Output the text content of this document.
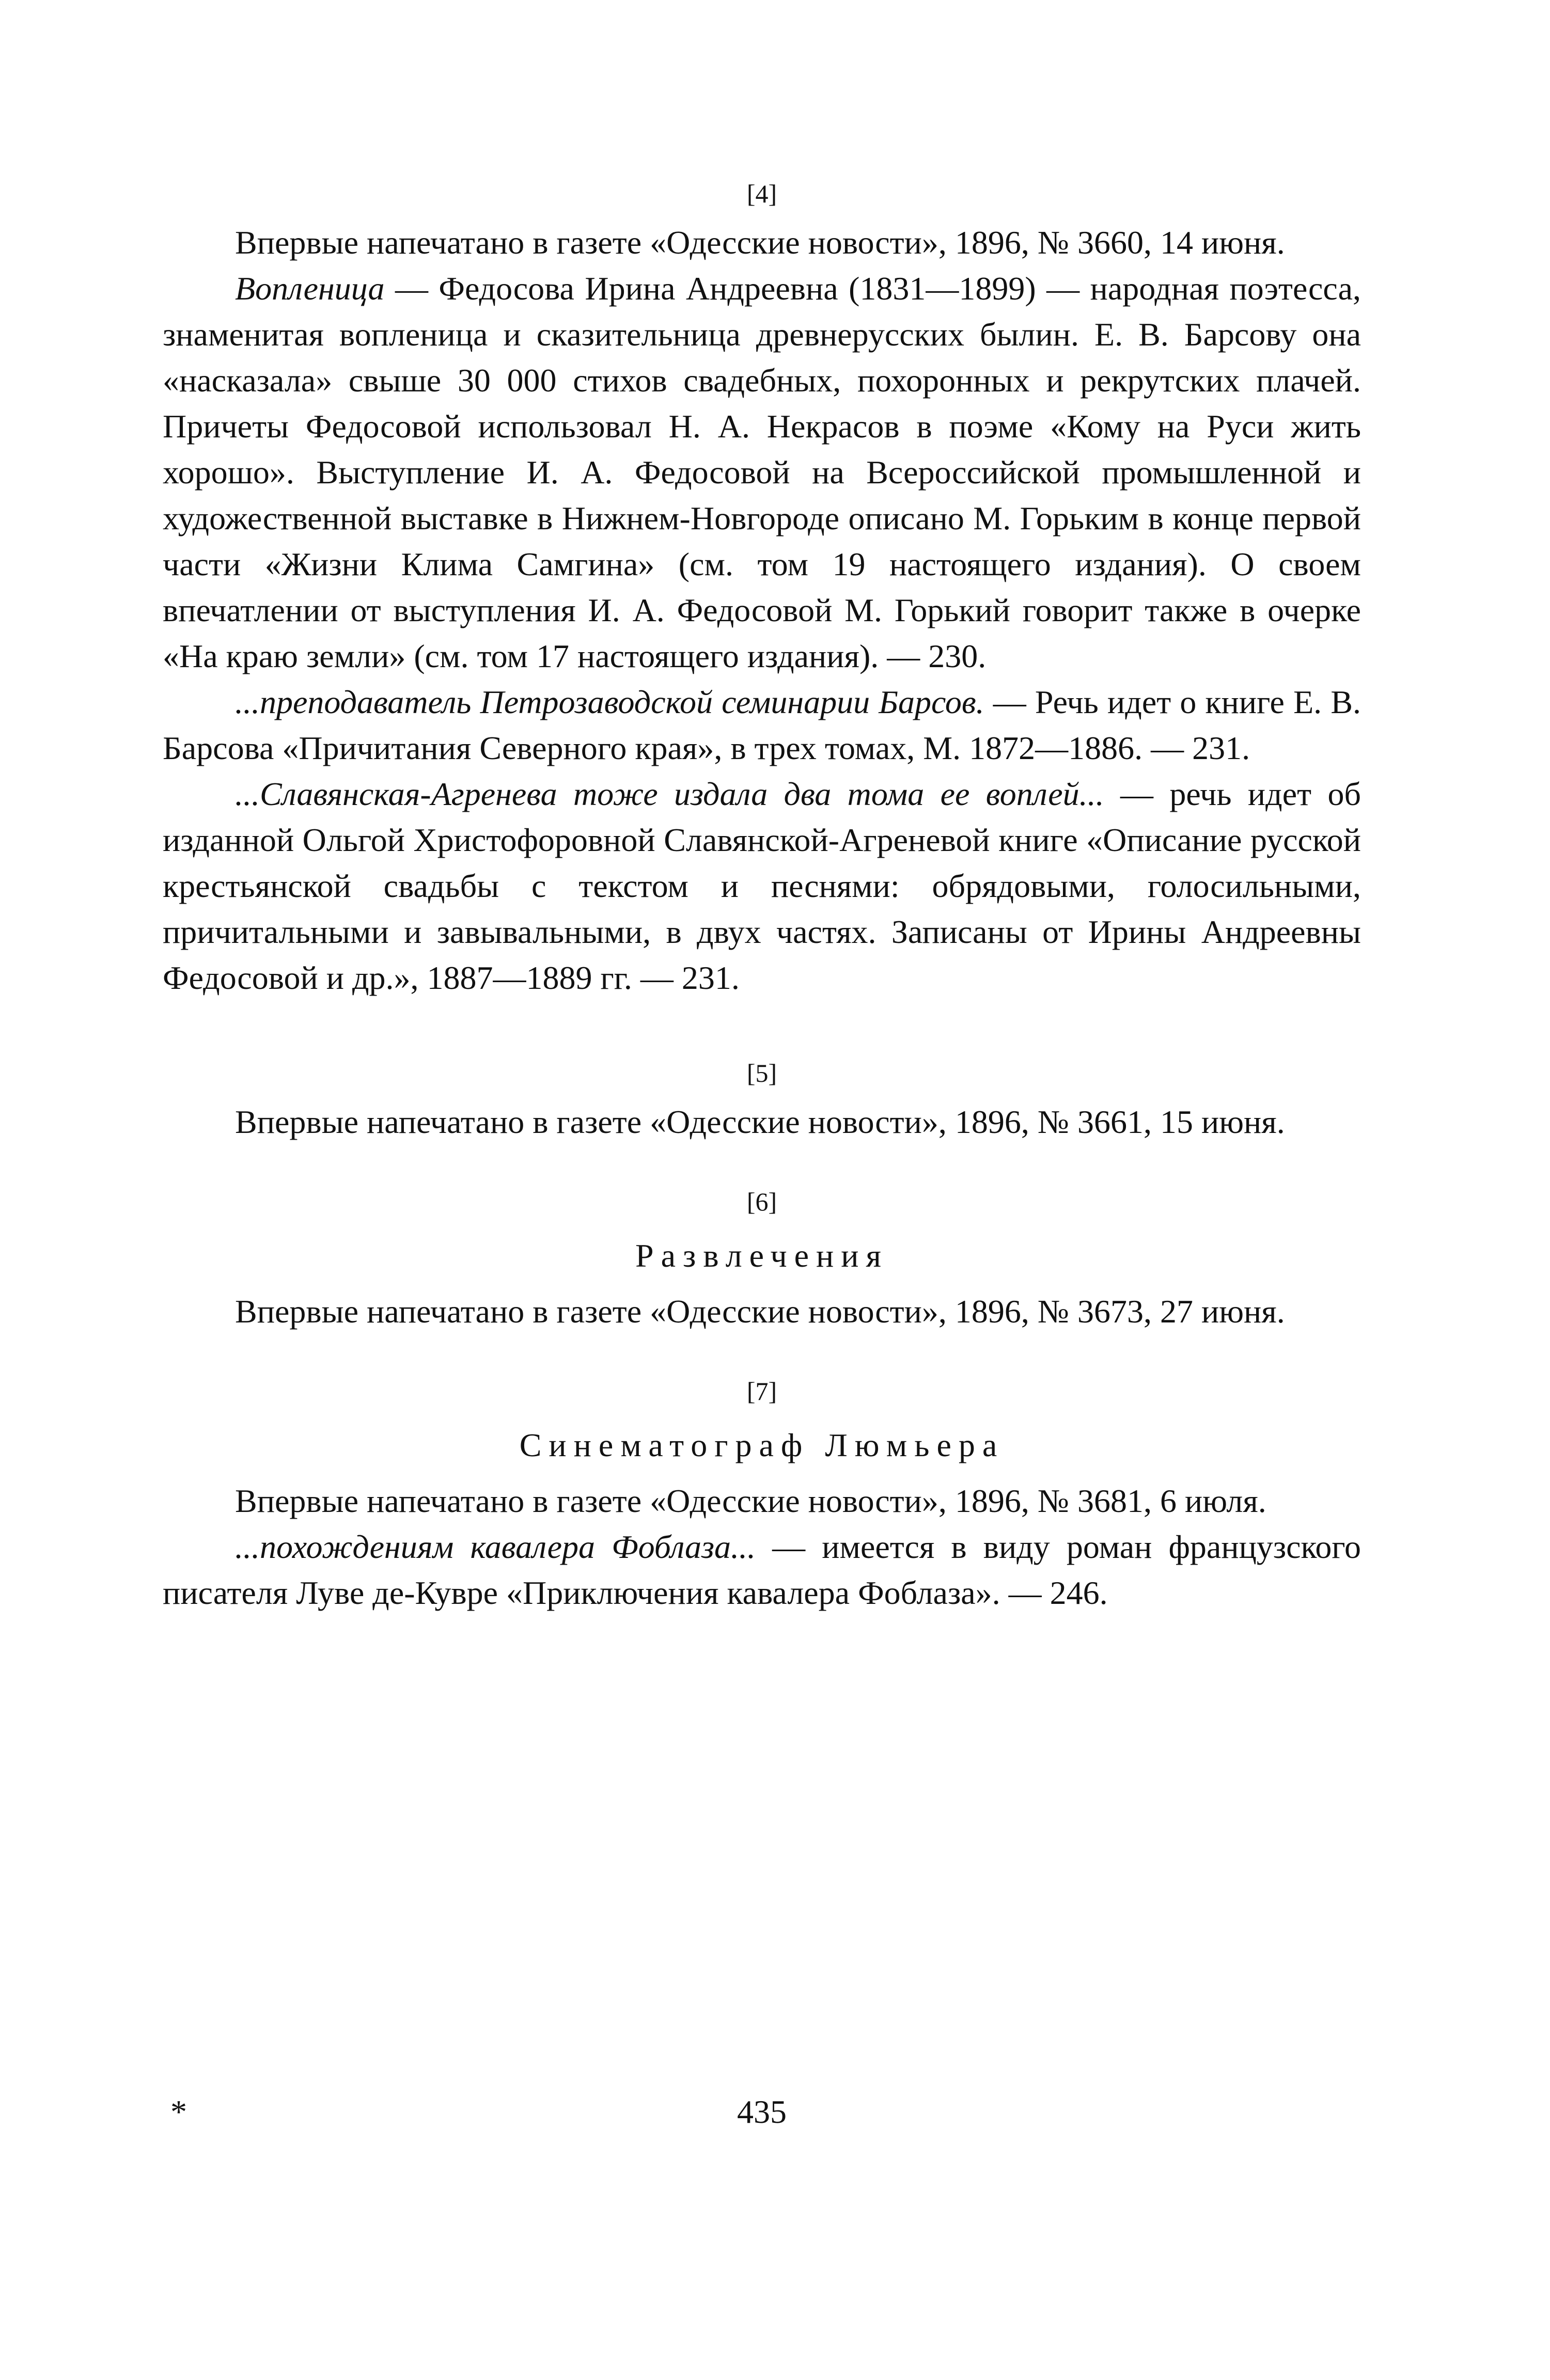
[4]

Впервые напечатано в газете «Одесские новости», 1896, № 3660, 14 июня.

Вопленица — Федосова Ирина Андреевна (1831—1899) — народная поэтесса, знаменитая вопленица и сказительница древнерусских былин. Е. В. Барсову она «насказала» свыше 30 000 стихов свадебных, похоронных и рекрутских плачей. Причеты Федосовой использовал Н. А. Некрасов в поэме «Кому на Руси жить хорошо». Выступление И. А. Федосовой на Всероссийской промышленной и художественной выставке в Нижнем-Новгороде описано М. Горьким в конце первой части «Жизни Клима Самгина» (см. том 19 настоящего издания). О своем впечатлении от выступления И. А. Федосовой М. Горький говорит также в очерке «На краю земли» (см. том 17 настоящего издания). — 230.

...преподаватель Петрозаводской семинарии Барсов. — Речь идет о книге Е. В. Барсова «Причитания Северного края», в трех томах, М. 1872—1886. — 231.

...Славянская-Агренева тоже издала два тома ее воплей... — речь идет об изданной Ольгой Христофоровной Славянской-Агреневой книге «Описание русской крестьянской свадьбы с текстом и песнями: обрядовыми, голосильными, причитальными и завывальными, в двух частях. Записаны от Ирины Андреевны Федосовой и др.», 1887—1889 гг. — 231.

[5]

Впервые напечатано в газете «Одесские новости», 1896, № 3661, 15 июня.

[6]
Развлечения

Впервые напечатано в газете «Одесские новости», 1896, № 3673, 27 июня.

[7]
Синематограф Люмьера

Впервые напечатано в газете «Одесские новости», 1896, № 3681, 6 июля.

...похождениям кавалера Фоблаза... — имеется в виду роман французского писателя Луве де-Кувре «Приключения кавалера Фоблаза». — 246.

*	435
